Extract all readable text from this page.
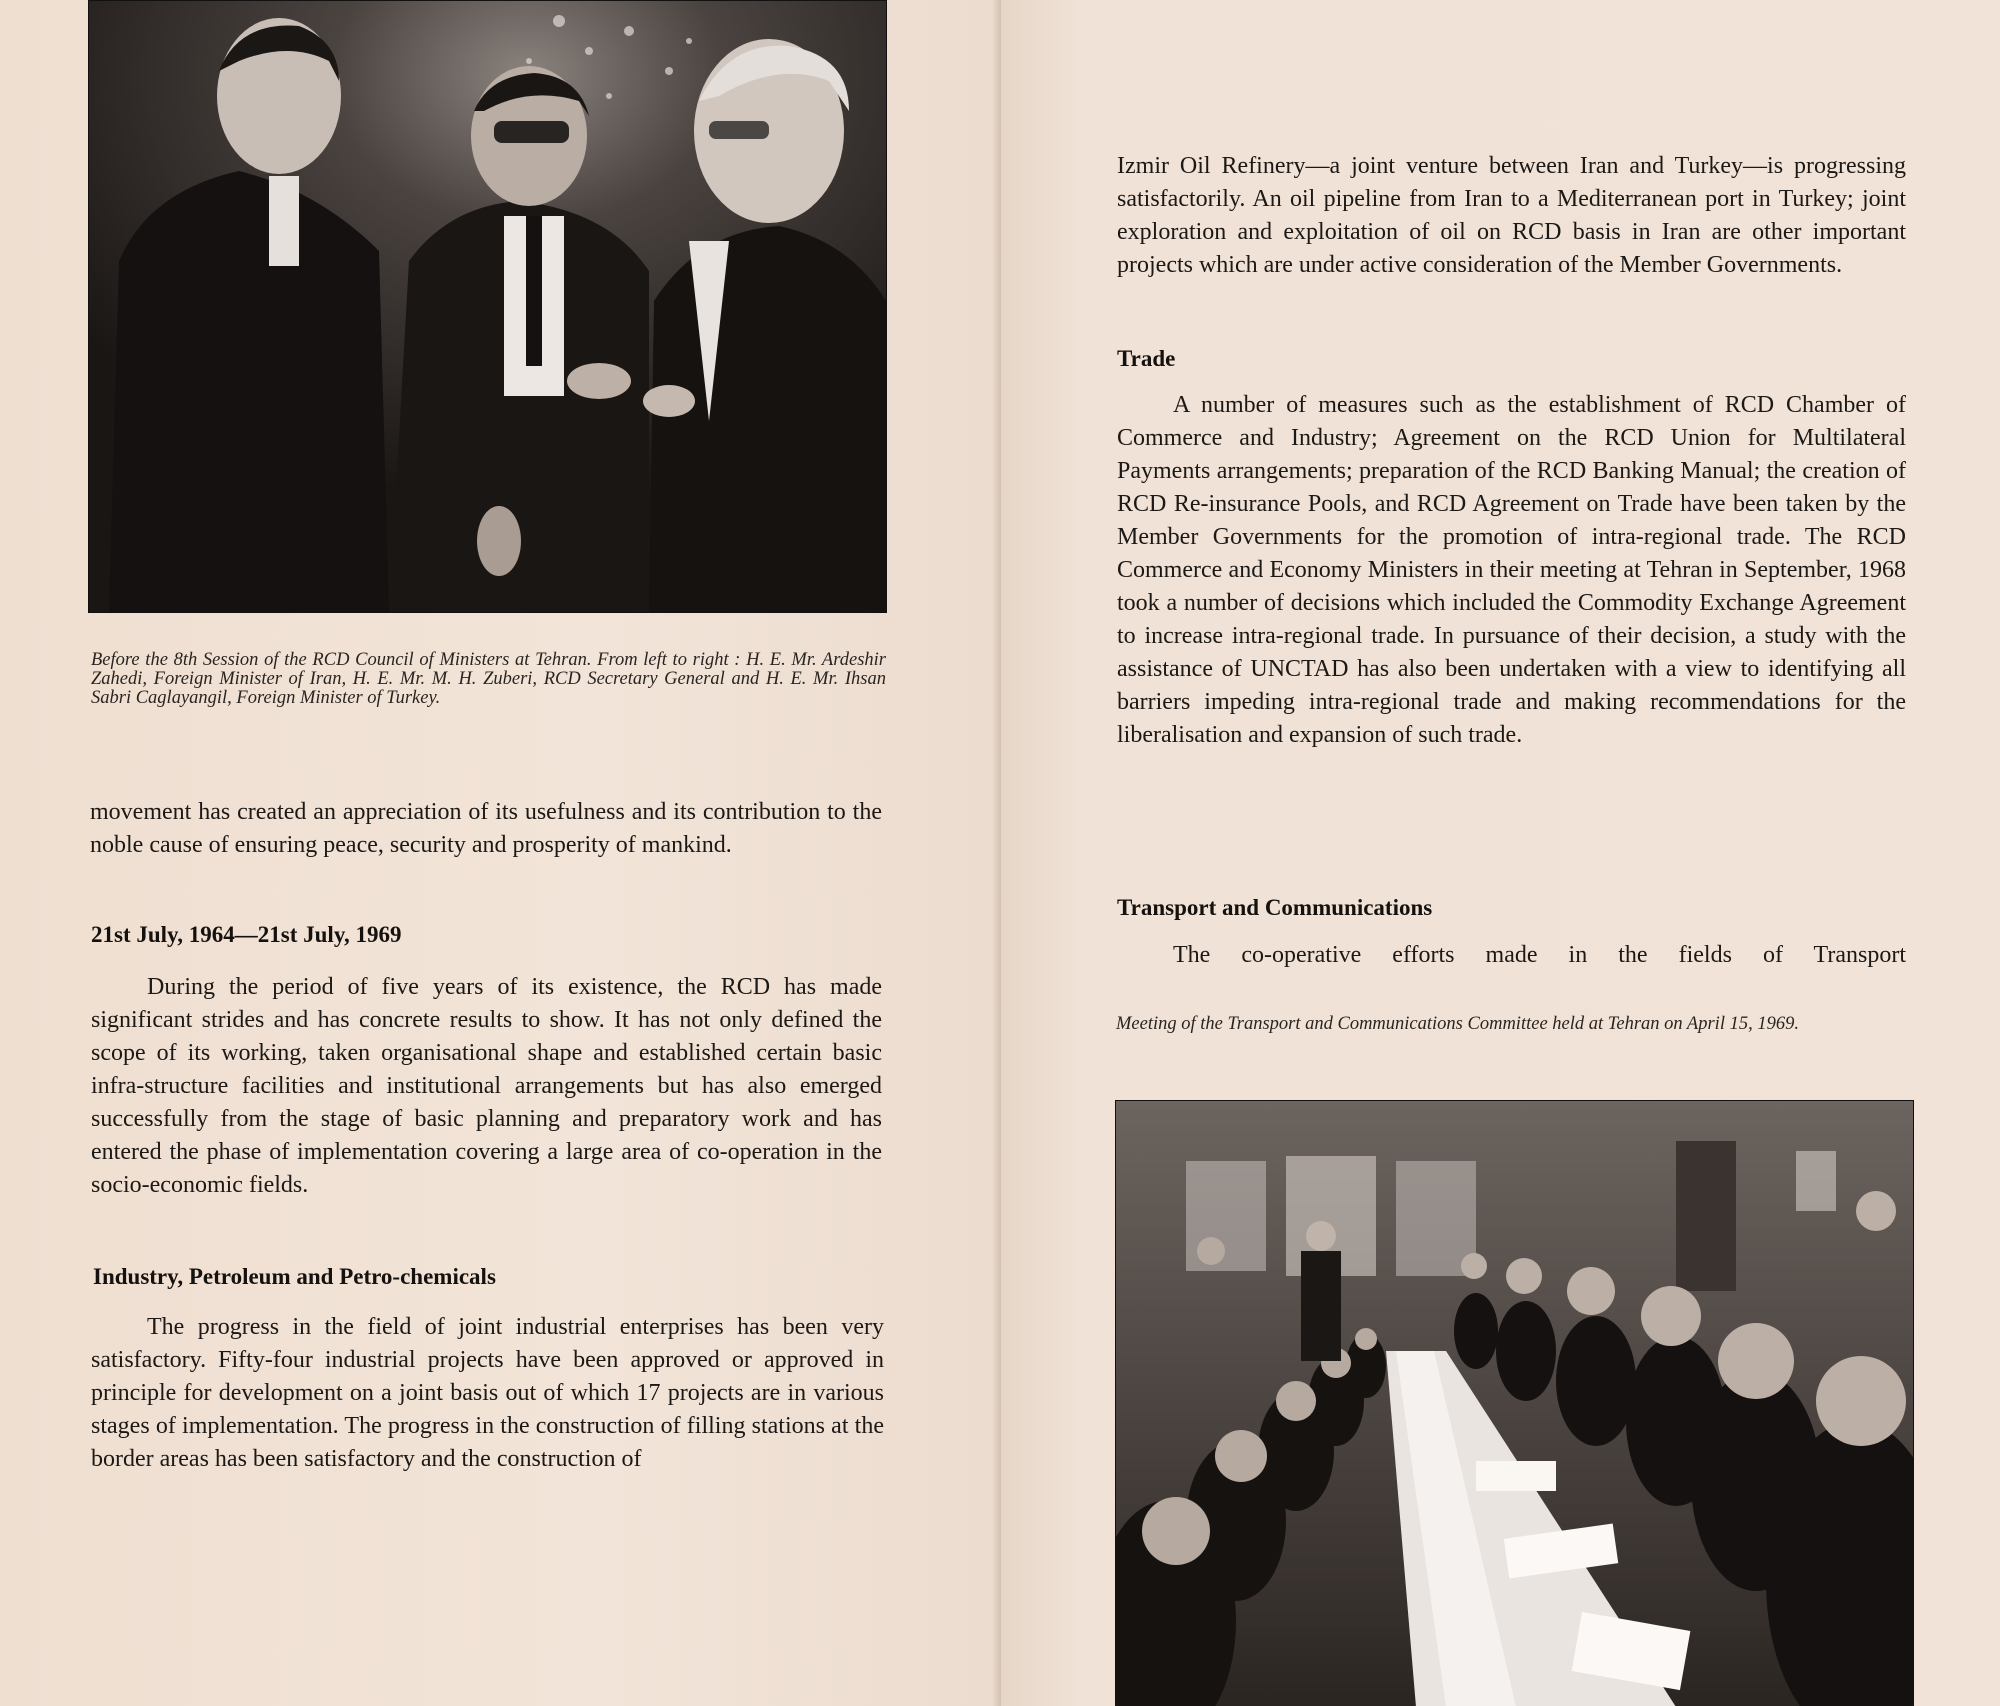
Before the 8th Session of the RCD Council of Ministers at Tehran. From left to right : H. E. Mr. Ardeshir Zahedi, Foreign Minister of Iran, H. E. Mr. M. H. Zuberi, RCD Secretary General and H. E. Mr. Ihsan Sabri Caglayangil, Foreign Minister of Turkey.

movement has created an appreciation of its usefulness and its contribution to the noble cause of ensuring peace, security and prosperity of mankind.

21st July, 1964—21st July, 1969

During the period of five years of its existence, the RCD has made significant strides and has concrete results to show. It has not only defined the scope of its working, taken organisational shape and established certain basic infra-structure facilities and institutional arrangements but has also emerged successfully from the stage of basic planning and preparatory work and has entered the phase of implementation covering a large area of co-operation in the socio-economic fields.

Industry, Petroleum and Petro-chemicals

The progress in the field of joint industrial enterprises has been very satisfactory. Fifty-four industrial projects have been approved or approved in principle for development on a joint basis out of which 17 projects are in various stages of implementation. The progress in the construction of filling stations at the border areas has been satisfactory and the construction of

Izmir Oil Refinery—a joint venture between Iran and Turkey—is progressing satisfactorily. An oil pipeline from Iran to a Mediterranean port in Turkey; joint exploration and exploitation of oil on RCD basis in Iran are other important projects which are under active consideration of the Member Governments.

Trade

A number of measures such as the establishment of RCD Chamber of Commerce and Industry; Agreement on the RCD Union for Multilateral Payments arrangements; preparation of the RCD Banking Manual; the creation of RCD Re-insurance Pools, and RCD Agreement on Trade have been taken by the Member Governments for the promotion of intra-regional trade. The RCD Commerce and Economy Ministers in their meeting at Tehran in September, 1968 took a number of decisions which included the Commodity Exchange Agreement to increase intra-regional trade. In pursuance of their decision, a study with the assistance of UNCTAD has also been undertaken with a view to identifying all barriers impeding intra-regional trade and making recommendations for the liberalisation and expansion of such trade.

Transport and Communications

The co-operative efforts made in the fields of Transport

Meeting of the Transport and Communications Committee held at Tehran on April 15, 1969.
